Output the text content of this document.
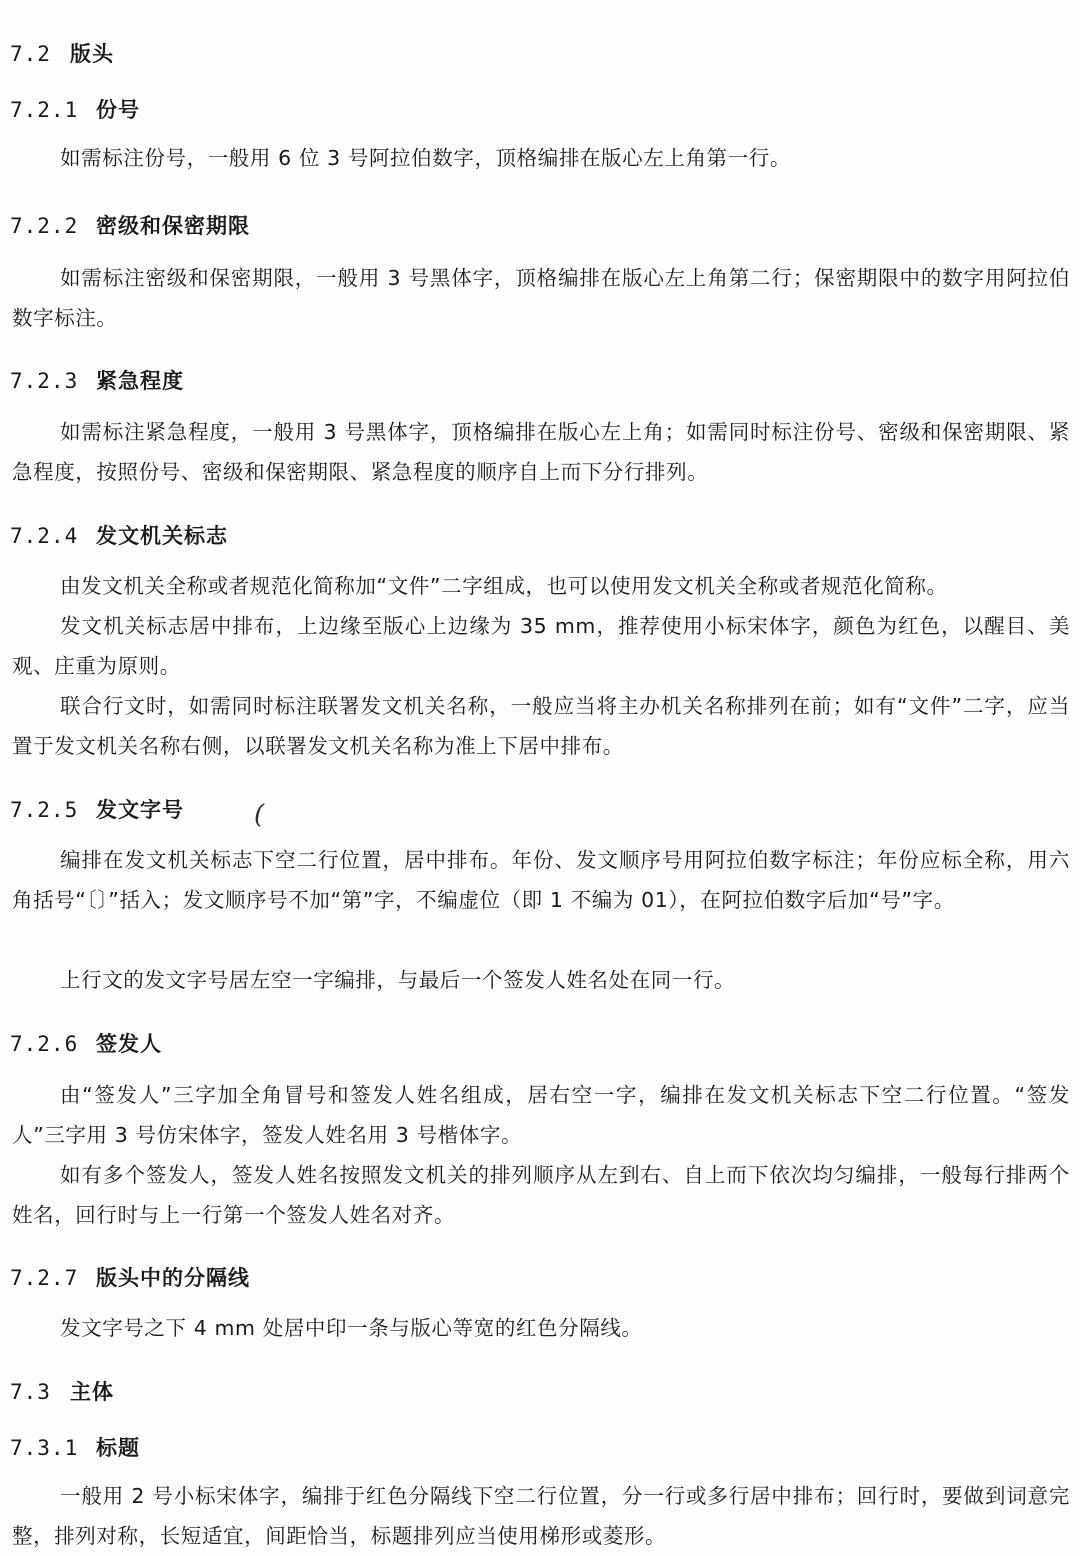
7.2 版头
7.2.1 份号
如需标注份号，一般用 6 位 3 号阿拉伯数字，顶格编排在版心左上角第一行。
7.2.2 密级和保密期限
如需标注密级和保密期限，一般用 3 号黑体字，顶格编排在版心左上角第二行；保密期限中的数字用阿拉伯数字标注。
7.2.3 紧急程度
如需标注紧急程度，一般用 3 号黑体字，顶格编排在版心左上角；如需同时标注份号、密级和保密期限、紧急程度，按照份号、密级和保密期限、紧急程度的顺序自上而下分行排列。
7.2.4 发文机关标志
由发文机关全称或者规范化简称加“文件”二字组成，也可以使用发文机关全称或者规范化简称。
发文机关标志居中排布，上边缘至版心上边缘为 35 mm，推荐使用小标宋体字，颜色为红色，以醒目、美观、庄重为原则。
联合行文时，如需同时标注联署发文机关名称，一般应当将主办机关名称排列在前；如有“文件”二字，应当置于发文机关名称右侧，以联署发文机关名称为准上下居中排布。
7.2.5 发文字号	(
编排在发文机关标志下空二行位置，居中排布。年份、发文顺序号用阿拉伯数字标注；年份应标全称，用六角括号“〔〕”括入；发文顺序号不加“第”字，不编虚位（即 1 不编为 01），在阿拉伯数字后加“号”字。
上行文的发文字号居左空一字编排，与最后一个签发人姓名处在同一行。
7.2.6 签发人
由“签发人”三字加全角冒号和签发人姓名组成，居右空一字，编排在发文机关标志下空二行位置。“签发人”三字用 3 号仿宋体字，签发人姓名用 3 号楷体字。
如有多个签发人，签发人姓名按照发文机关的排列顺序从左到右、自上而下依次均匀编排，一般每行排两个姓名，回行时与上一行第一个签发人姓名对齐。
7.2.7 版头中的分隔线
发文字号之下 4 mm 处居中印一条与版心等宽的红色分隔线。
7.3 主体
7.3.1 标题
一般用 2 号小标宋体字，编排于红色分隔线下空二行位置，分一行或多行居中排布；回行时，要做到词意完整，排列对称，长短适宜，间距恰当，标题排列应当使用梯形或菱形。
